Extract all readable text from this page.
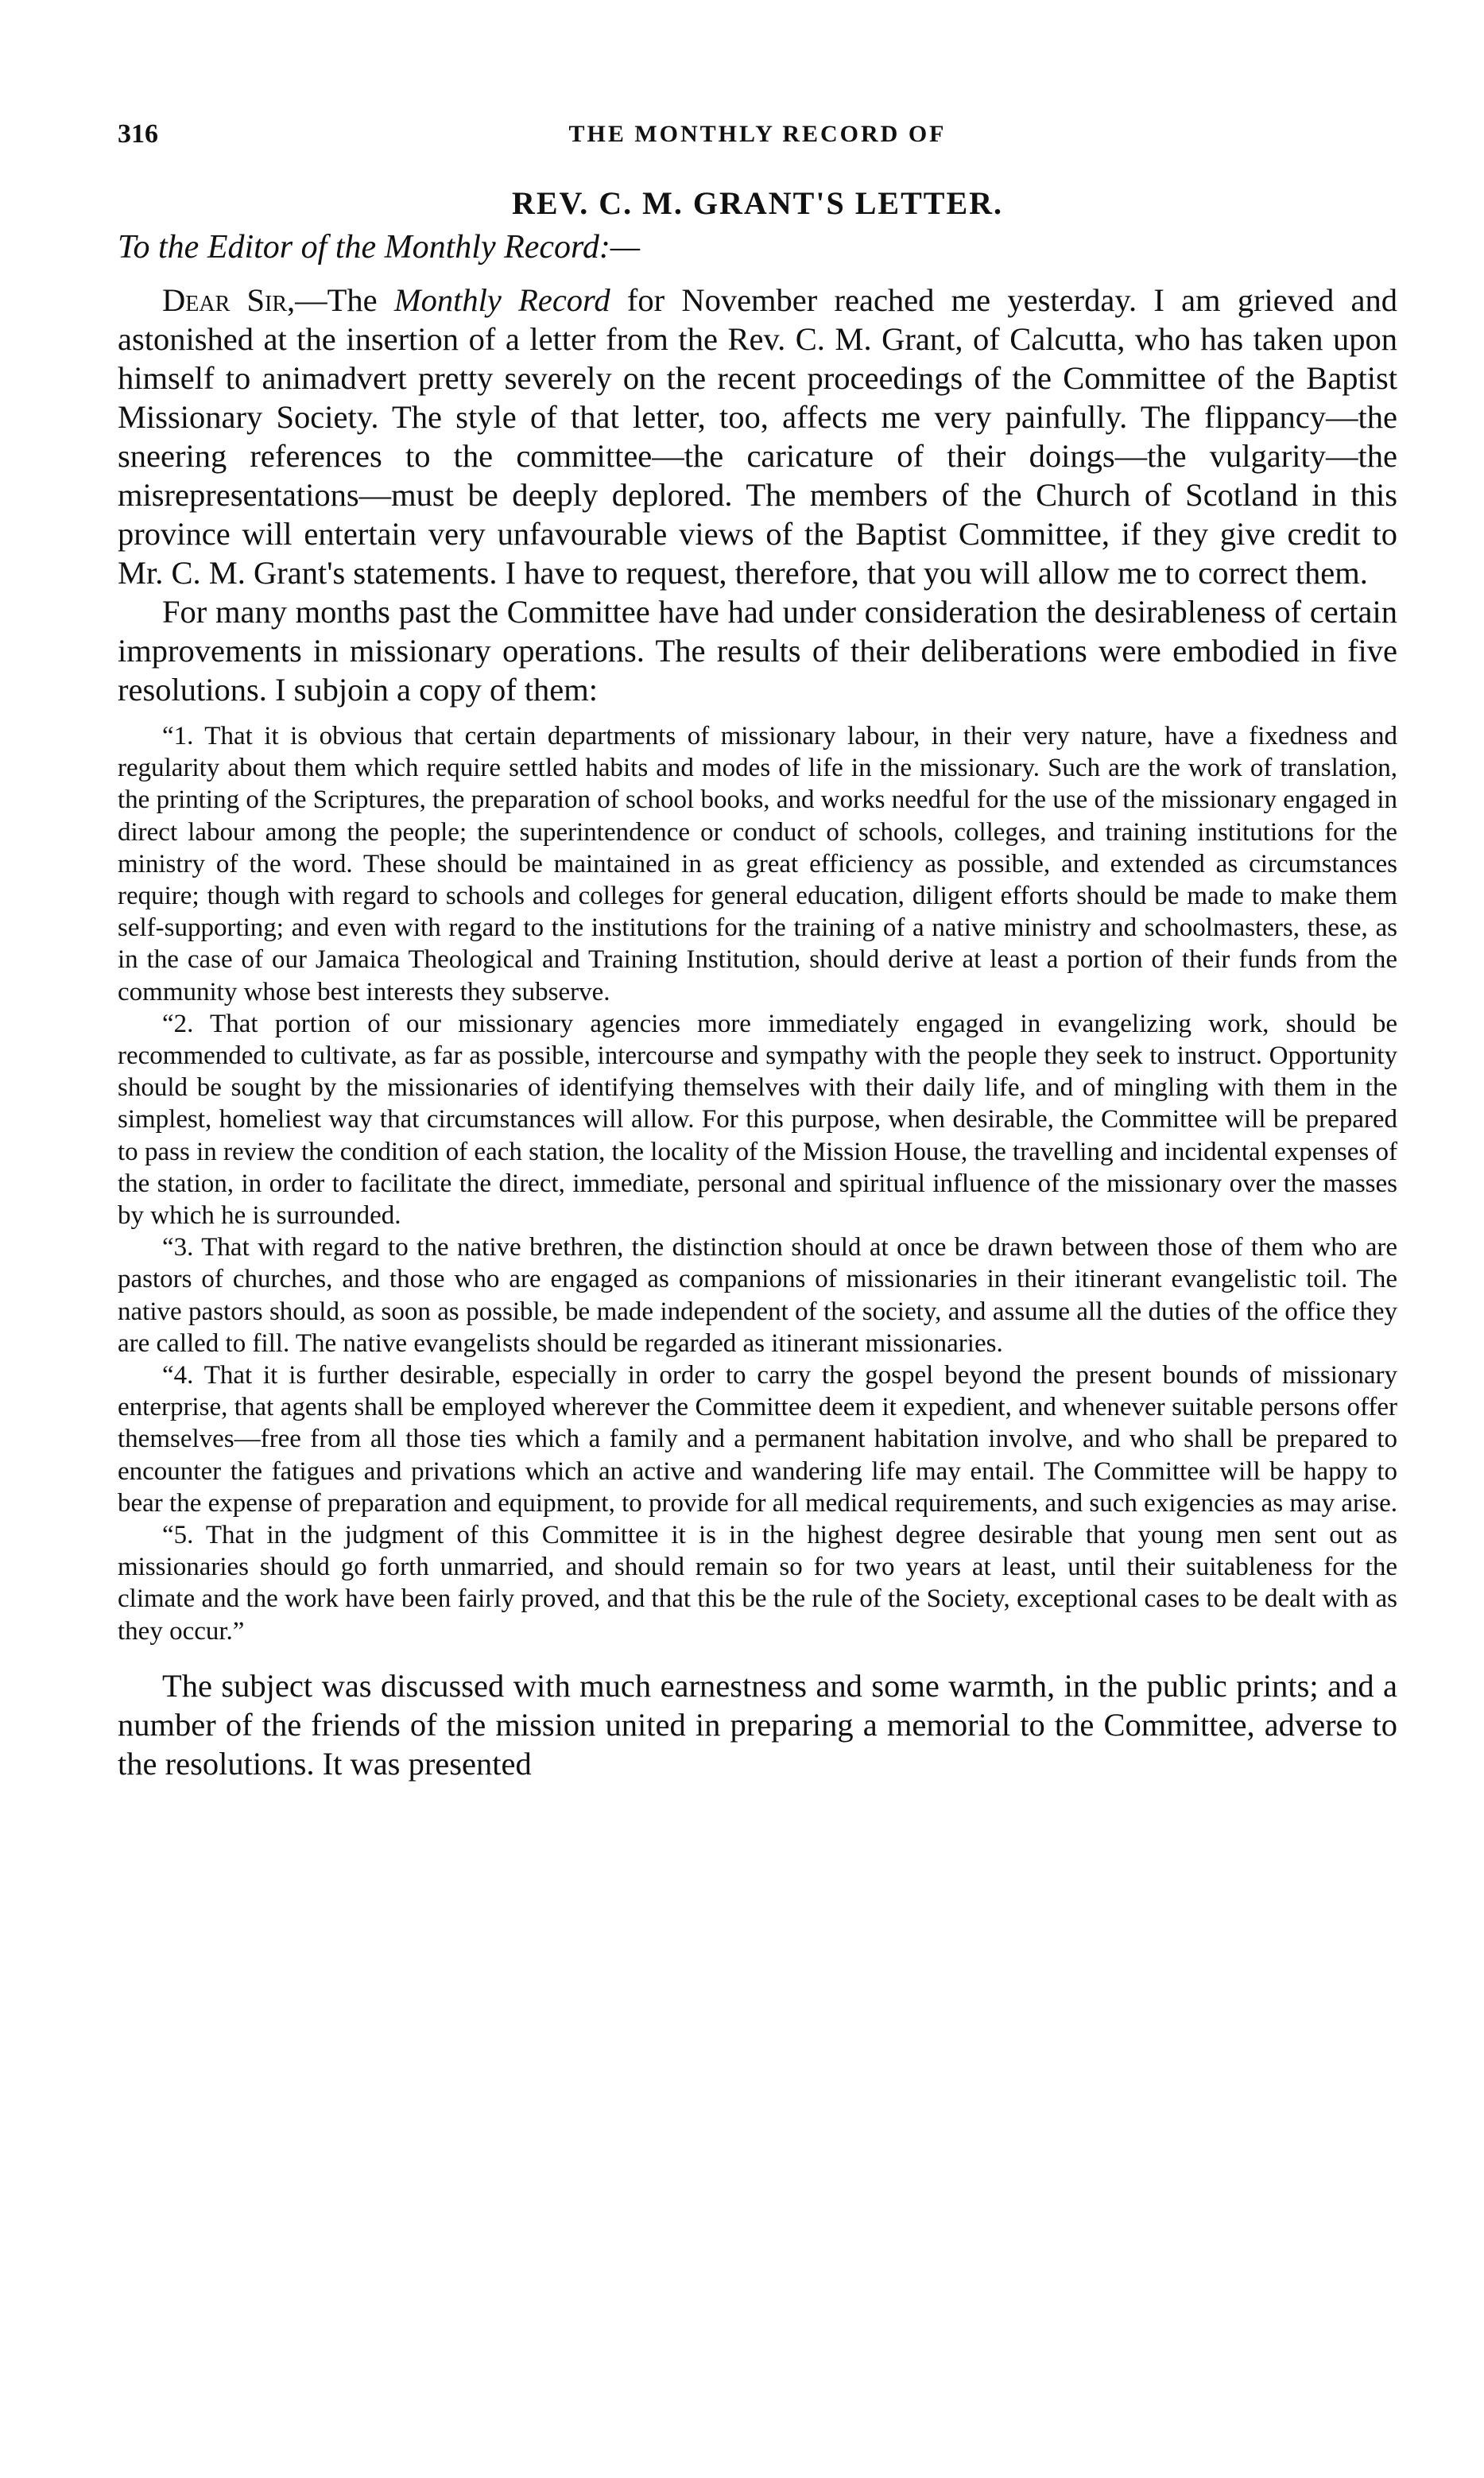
316	THE MONTHLY RECORD OF
REV. C. M. GRANT'S LETTER.
To the Editor of the Monthly Record:—

Dear Sir,—The Monthly Record for November reached me yesterday. I am grieved and astonished at the insertion of a letter from the Rev. C. M. Grant, of Calcutta, who has taken upon himself to animadvert pretty severely on the recent proceedings of the Committee of the Baptist Missionary Society. The style of that letter, too, affects me very painfully. The flippancy—the sneering references to the committee—the caricature of their doings—the vulgarity—the misrepresentations—must be deeply deplored. The members of the Church of Scotland in this province will entertain very unfavourable views of the Baptist Committee, if they give credit to Mr. C. M. Grant's statements. I have to request, therefore, that you will allow me to correct them.

For many months past the Committee have had under consideration the desirableness of certain improvements in missionary operations. The results of their deliberations were embodied in five resolutions. I subjoin a copy of them:

“1. That it is obvious that certain departments of missionary labour, in their very nature, have a fixedness and regularity about them which require settled habits and modes of life in the missionary. Such are the work of translation, the printing of the Scriptures, the preparation of school books, and works needful for the use of the missionary engaged in direct labour among the people; the superintendence or conduct of schools, colleges, and training institutions for the ministry of the word. These should be maintained in as great efficiency as possible, and extended as circumstances require; though with regard to schools and colleges for general education, diligent efforts should be made to make them self-supporting; and even with regard to the institutions for the training of a native ministry and schoolmasters, these, as in the case of our Jamaica Theological and Training Institution, should derive at least a portion of their funds from the community whose best interests they subserve.

“2. That portion of our missionary agencies more immediately engaged in evangelizing work, should be recommended to cultivate, as far as possible, intercourse and sympathy with the people they seek to instruct. Opportunity should be sought by the missionaries of identifying themselves with their daily life, and of mingling with them in the simplest, homeliest way that circumstances will allow. For this purpose, when desirable, the Committee will be prepared to pass in review the condition of each station, the locality of the Mission House, the travelling and incidental expenses of the station, in order to facilitate the direct, immediate, personal and spiritual influence of the missionary over the masses by which he is surrounded.

“3. That with regard to the native brethren, the distinction should at once be drawn between those of them who are pastors of churches, and those who are engaged as companions of missionaries in their itinerant evangelistic toil. The native pastors should, as soon as possible, be made independent of the society, and assume all the duties of the office they are called to fill. The native evangelists should be regarded as itinerant missionaries.

“4. That it is further desirable, especially in order to carry the gospel beyond the present bounds of missionary enterprise, that agents shall be employed wherever the Committee deem it expedient, and whenever suitable persons offer themselves—free from all those ties which a family and a permanent habitation involve, and who shall be prepared to encounter the fatigues and privations which an active and wandering life may entail. The Committee will be happy to bear the expense of preparation and equipment, to provide for all medical requirements, and such exigencies as may arise.

“5. That in the judgment of this Committee it is in the highest degree desirable that young men sent out as missionaries should go forth unmarried, and should remain so for two years at least, until their suitableness for the climate and the work have been fairly proved, and that this be the rule of the Society, exceptional cases to be dealt with as they occur.”

The subject was discussed with much earnestness and some warmth, in the public prints; and a number of the friends of the mission united in preparing a memorial to the Committee, adverse to the resolutions. It was presented
